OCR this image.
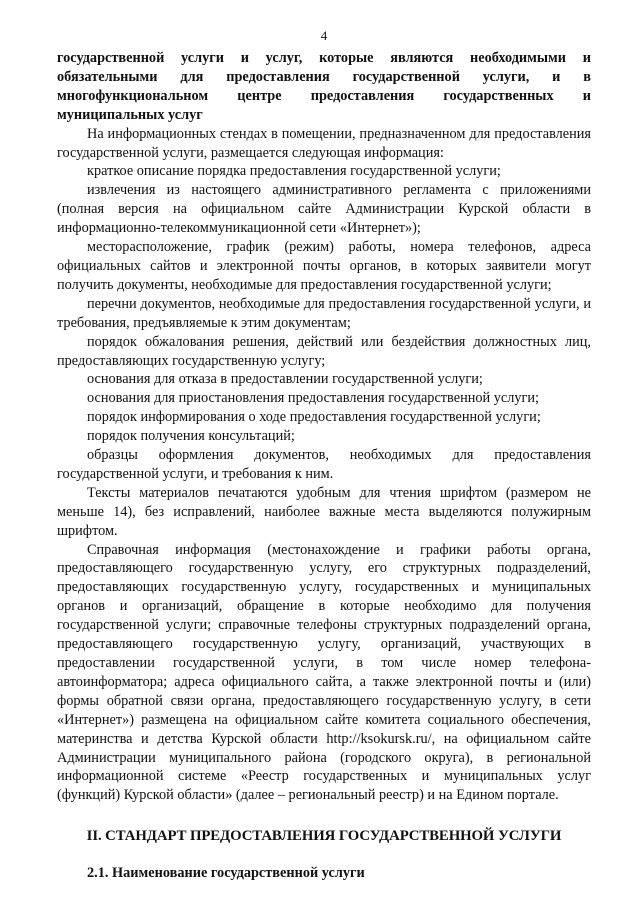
4
государственной услуги и услуг, которые являются необходимыми и обязательными для предоставления государственной услуги, и в многофункциональном центре предоставления государственных и муниципальных услуг

На информационных стендах в помещении, предназначенном для предоставления государственной услуги, размещается следующая информация:

краткое описание порядка предоставления государственной услуги;

извлечения из настоящего административного регламента с приложениями (полная версия на официальном сайте Администрации Курской области в информационно-телекоммуникационной сети «Интернет»);

месторасположение, график (режим) работы, номера телефонов, адреса официальных сайтов и электронной почты органов, в которых заявители могут получить документы, необходимые для предоставления государственной услуги;

перечни документов, необходимые для предоставления государственной услуги, и требования, предъявляемые к этим документам;

порядок обжалования решения, действий или бездействия должностных лиц, предоставляющих государственную услугу;

основания для отказа в предоставлении государственной услуги;

основания для приостановления предоставления государственной услуги;

порядок информирования о ходе предоставления государственной услуги;

порядок получения консультаций;

образцы оформления документов, необходимых для предоставления государственной услуги, и требования к ним.

Тексты материалов печатаются удобным для чтения шрифтом (размером не меньше 14), без исправлений, наиболее важные места выделяются полужирным шрифтом.

Справочная информация (местонахождение и графики работы органа, предоставляющего государственную услугу, его структурных подразделений, предоставляющих государственную услугу, государственных и муниципальных органов и организаций, обращение в которые необходимо для получения государственной услуги; справочные телефоны структурных подразделений органа, предоставляющего государственную услугу, организаций, участвующих в предоставлении государственной услуги, в том числе номер телефона-автоинформатора; адреса официального сайта, а также электронной почты и (или) формы обратной связи органа, предоставляющего государственную услугу, в сети «Интернет») размещена на официальном сайте комитета социального обеспечения, материнства и детства Курской области http://ksokursk.ru/, на официальном сайте Администрации муниципального района (городского округа), в региональной информационной системе «Реестр государственных и муниципальных услуг (функций) Курской области» (далее – региональный реестр) и на Едином портале.

II. СТАНДАРТ ПРЕДОСТАВЛЕНИЯ ГОСУДАРСТВЕННОЙ УСЛУГИ
2.1. Наименование государственной услуги
